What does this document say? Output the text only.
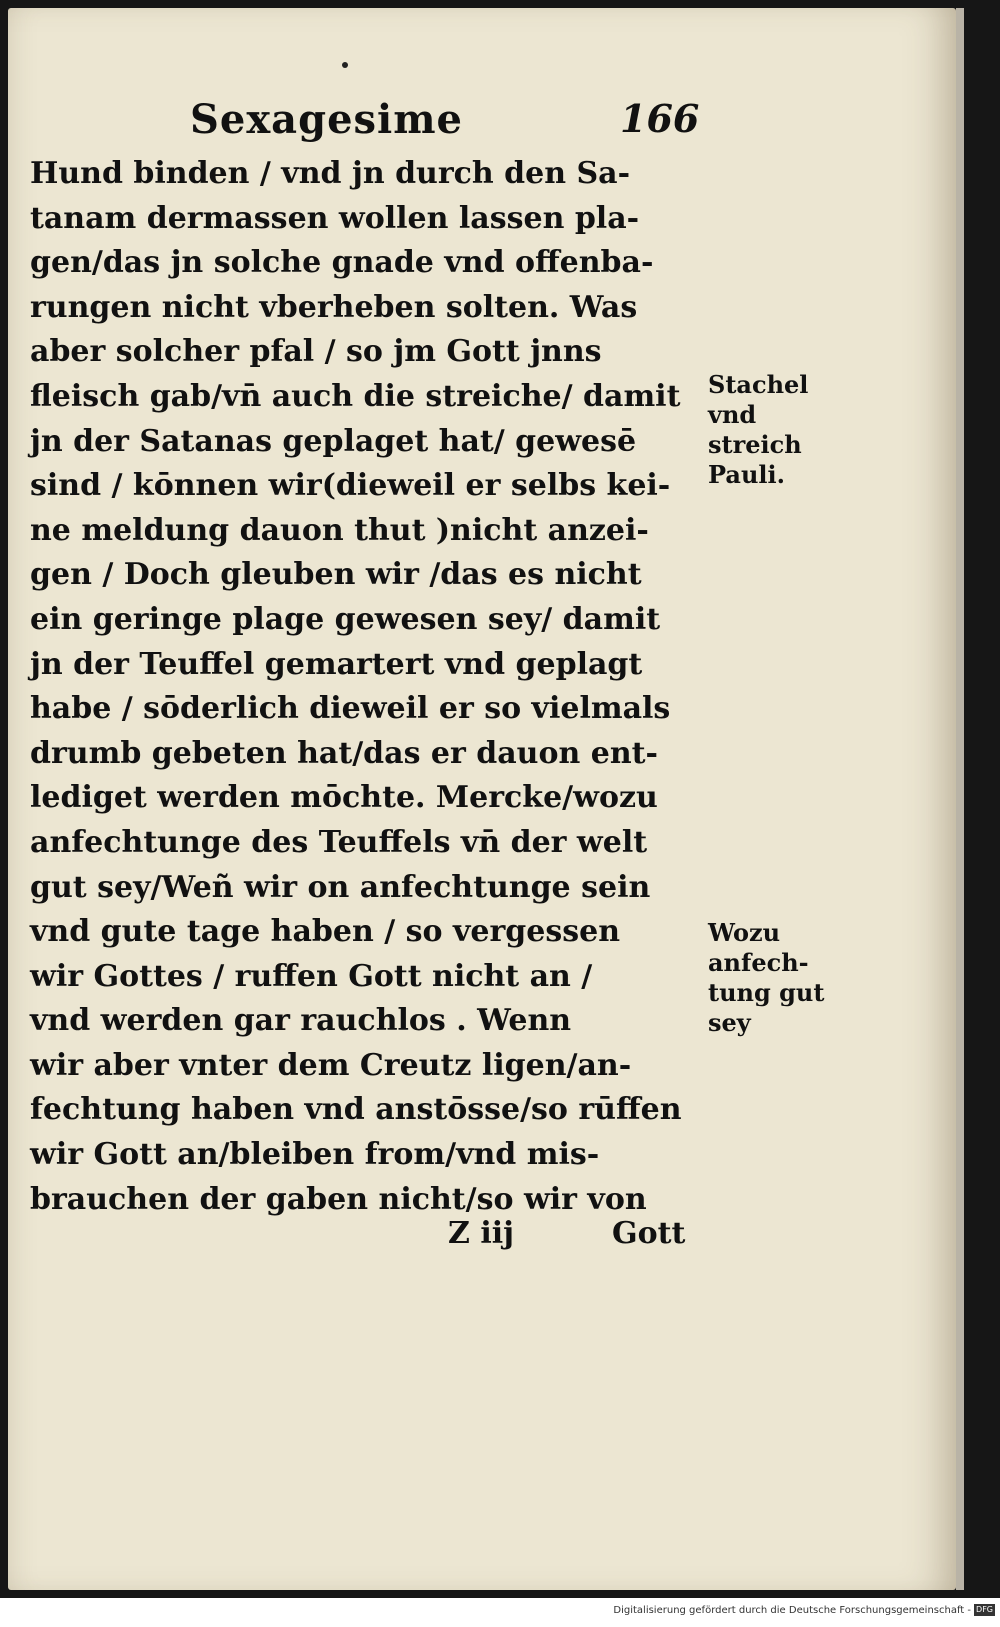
Sexagesime	166
Hund binden / vnd jn durch den Sa-
tanam dermassen wollen lassen pla-
gen/das jn solche gnade vnd offenba-
rungen nicht vberheben solten. Was
aber solcher pfal / so jm Gott jnns
fleisch gab/vn̄ auch die streiche/ damit
jn der Satanas geplaget hat/ gewesē
sind / kōnnen wir(dieweil er selbs kei-
ne meldung dauon thut )nicht anzei-
gen / Doch gleuben wir /das es nicht
ein geringe plage gewesen sey/ damit
jn der Teuffel gemartert vnd geplagt
habe / sōderlich dieweil er so vielmals
drumb gebeten hat/das er dauon ent-
lediget werden mōchte. Mercke/wozu
anfechtunge des Teuffels vn̄ der welt
gut sey/Weñ wir on anfechtunge sein
vnd gute tage haben / so vergessen
wir Gottes / ruffen Gott nicht an /
vnd werden gar rauchlos . Wenn
wir aber vnter dem Creutz ligen/an-
fechtung haben vnd anstōsse/so rūffen
wir Gott an/bleiben from/vnd mis-
brauchen der gaben nicht/so wir von
Stachel
vnd
streich
Pauli.
Wozu
anfech-
tung gut
sey
Z iij	Gott
Digitalisierung gefördert durch die Deutsche Forschungsgemeinschaft - DFG
